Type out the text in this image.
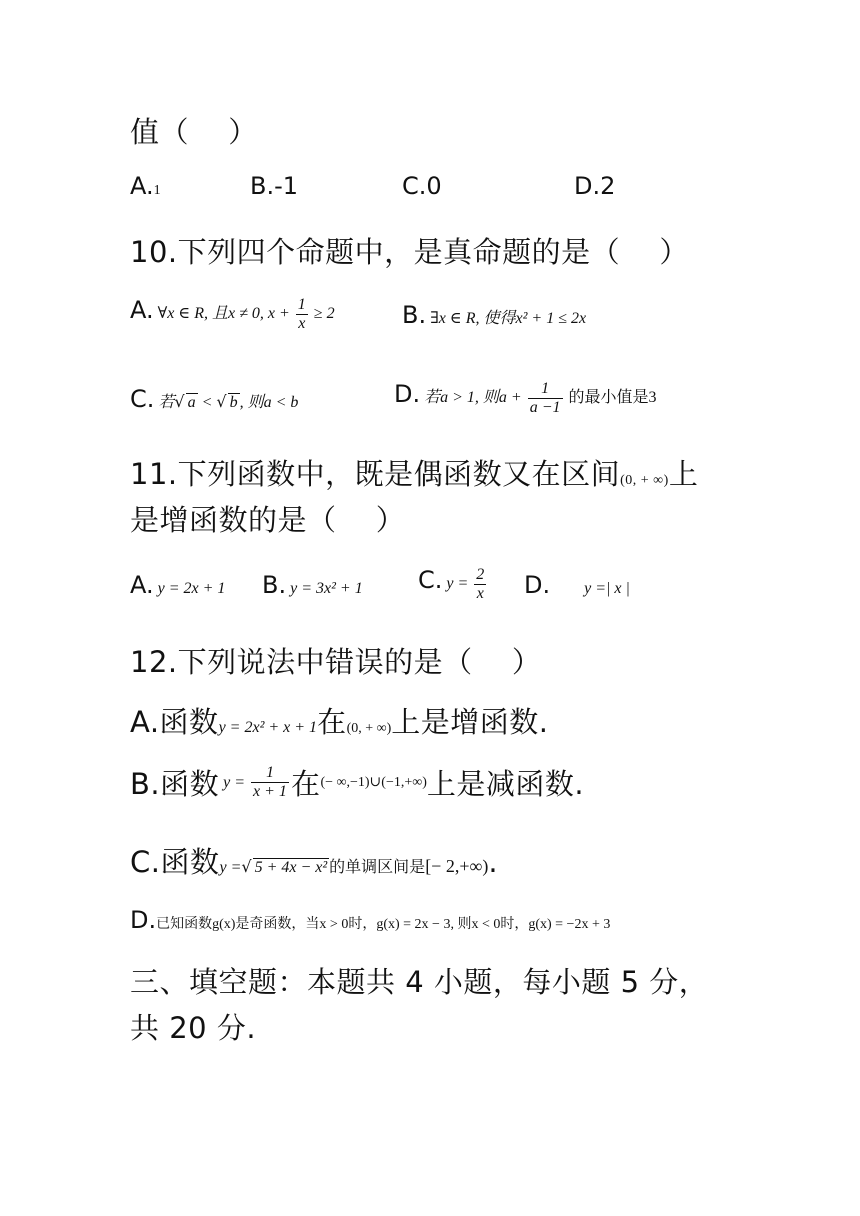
值（　 ）
A.1	B.-1	C.0	D.2
10.下列四个命题中，是真命题的是（　 ）
A. ∀x ∈ R, 且x ≠ 0, $x + \frac{1}{x} \ge 2$	B. ∃x ∈ R, 使得x² + 1 ≤ 2x
C. 若√ a < √ b , 则a < b	D. 若a > 1, 则$a + \frac{1}{a -1}$ 的最小值是3
11.下列函数中，既是偶函数又在区间(0, + ∞)上
是增函数的是（　 ）
A. y = 2x + 1 B. y = 3x² + 1 C. $y = \frac{2}{x} D$. y =| x |
12.下列说法中错误的是（　 ）
A.函数y = 2x² + x + 1在(0, + ∞)上是增函数.
B.函数 $y = \frac{1}{x + 1}$ 在(− ∞,−1)∪(−1,+∞)上是减函数.
C.函数y =√ 5 + 4x − x² 的单调区间是[− 2,+∞).
D.已知函数g(x)是奇函数，当x > 0时，g(x) = 2x − 3, 则x < 0时，g(x) = −2x + 3
三、填空题：本题共 4 小题，每小题 5 分，
共 20 分.
